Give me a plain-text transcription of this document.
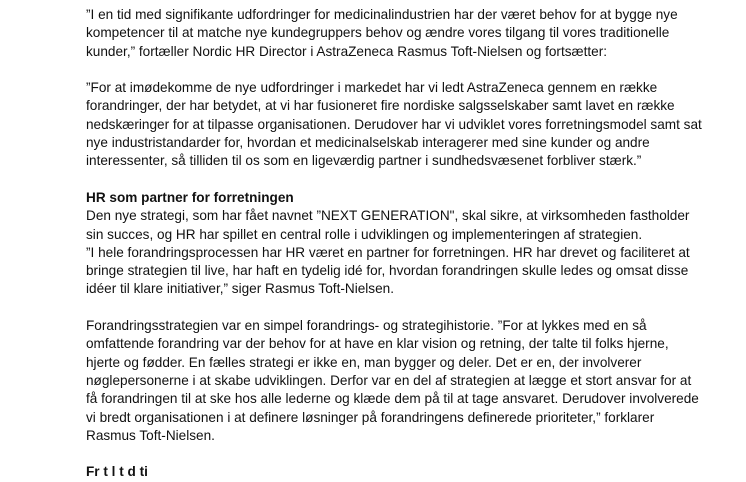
”I en tid med signifikante udfordringer for medicinalindustrien har der været behov for at bygge nye kompetencer til at matche nye kundegruppers behov og ændre vores tilgang til vores traditionelle kunder,” fortæller Nordic HR Director i AstraZeneca Rasmus Toft-Nielsen og fortsætter:

”For at imødekomme de nye udfordringer i markedet har vi ledt AstraZeneca gennem en række forandringer, der har betydet, at vi har fusioneret fire nordiske salgsselskaber samt lavet en række nedskæringer for at tilpasse organisationen. Derudover har vi udviklet vores forretningsmodel samt sat nye industristandarder for, hvordan et medicinalselskab interagerer med sine kunder og andre interessenter, så tilliden til os som en ligeværdig partner i sundhedsvæsenet forbliver stærk.”

HR som partner for forretningen

Den nye strategi, som har fået navnet ”NEXT GENERATION", skal sikre, at virksomheden fastholder sin succes, og HR har spillet en central rolle i udviklingen og implementeringen af strategien.

”I hele forandringsprocessen har HR været en partner for forretningen. HR har drevet og faciliteret at bringe strategien til live, har haft en tydelig idé for, hvordan forandringen skulle ledes og omsat disse idéer til klare initiativer,” siger Rasmus Toft-Nielsen.

Forandringsstrategien var en simpel forandrings- og strategihistorie. ”For at lykkes med en så omfattende forandring var der behov for at have en klar vision og retning, der talte til folks hjerne, hjerte og fødder. En fælles strategi er ikke en, man bygger og deler. Det er en, der involverer nøglepersonerne i at skabe udviklingen. Derfor var en del af strategien at lægge et stort ansvar for at få forandringen til at ske hos alle lederne og klæde dem på til at tage ansvaret. Derudover involverede vi bredt organisationen i at definere løsninger på forandringens definerede prioriteter,” forklarer Rasmus Toft-Nielsen.

Fr t l t d ti
